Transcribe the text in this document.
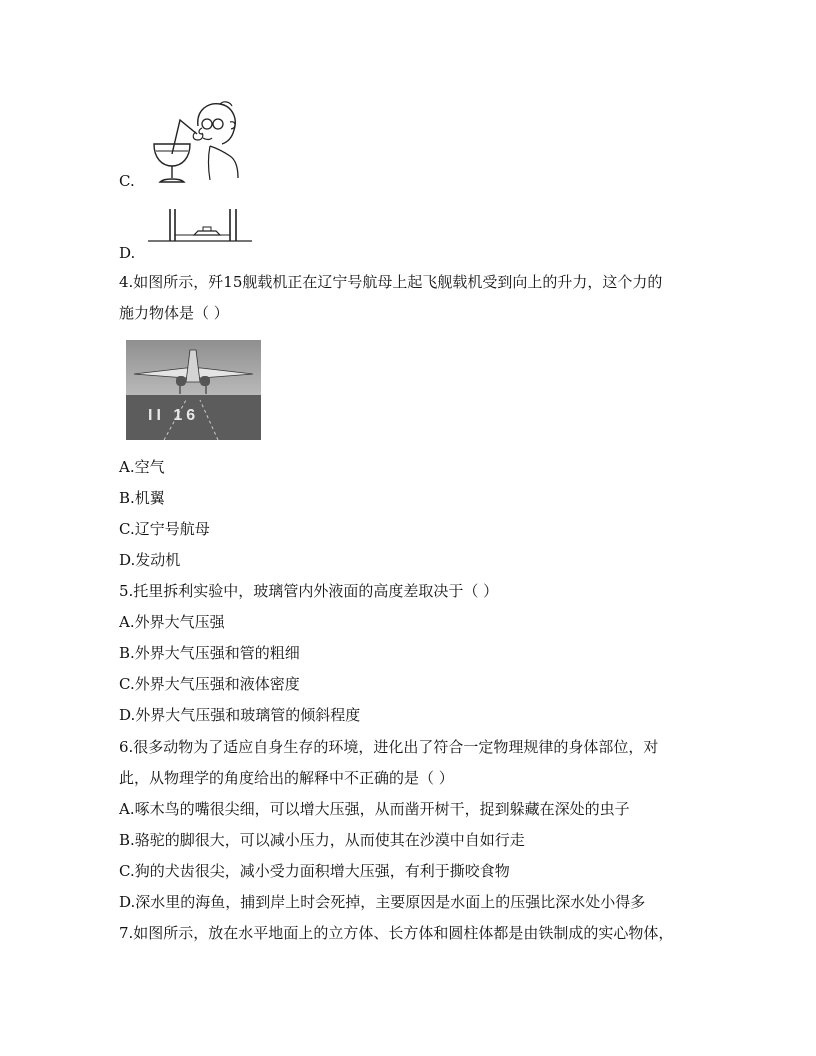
C.
D.
4.如图所示，歼15舰载机正在辽宁号航母上起飞舰载机受到向上的升力，这个力的
施力物体是（ ）
II 16
A.空气
B.机翼
C.辽宁号航母
D.发动机
5.托里拆利实验中，玻璃管内外液面的高度差取决于（ ）
A.外界大气压强
B.外界大气压强和管的粗细
C.外界大气压强和液体密度
D.外界大气压强和玻璃管的倾斜程度
6.很多动物为了适应自身生存的环境，进化出了符合一定物理规律的身体部位，对
此，从物理学的角度给出的解释中不正确的是（ ）
A.啄木鸟的嘴很尖细，可以增大压强，从而凿开树干，捉到躲藏在深处的虫子
B.骆驼的脚很大，可以减小压力，从而使其在沙漠中自如行走
C.狗的犬齿很尖，减小受力面积增大压强，有利于撕咬食物
D.深水里的海鱼，捕到岸上时会死掉，主要原因是水面上的压强比深水处小得多
7.如图所示，放在水平地面上的立方体、长方体和圆柱体都是由铁制成的实心物体，
